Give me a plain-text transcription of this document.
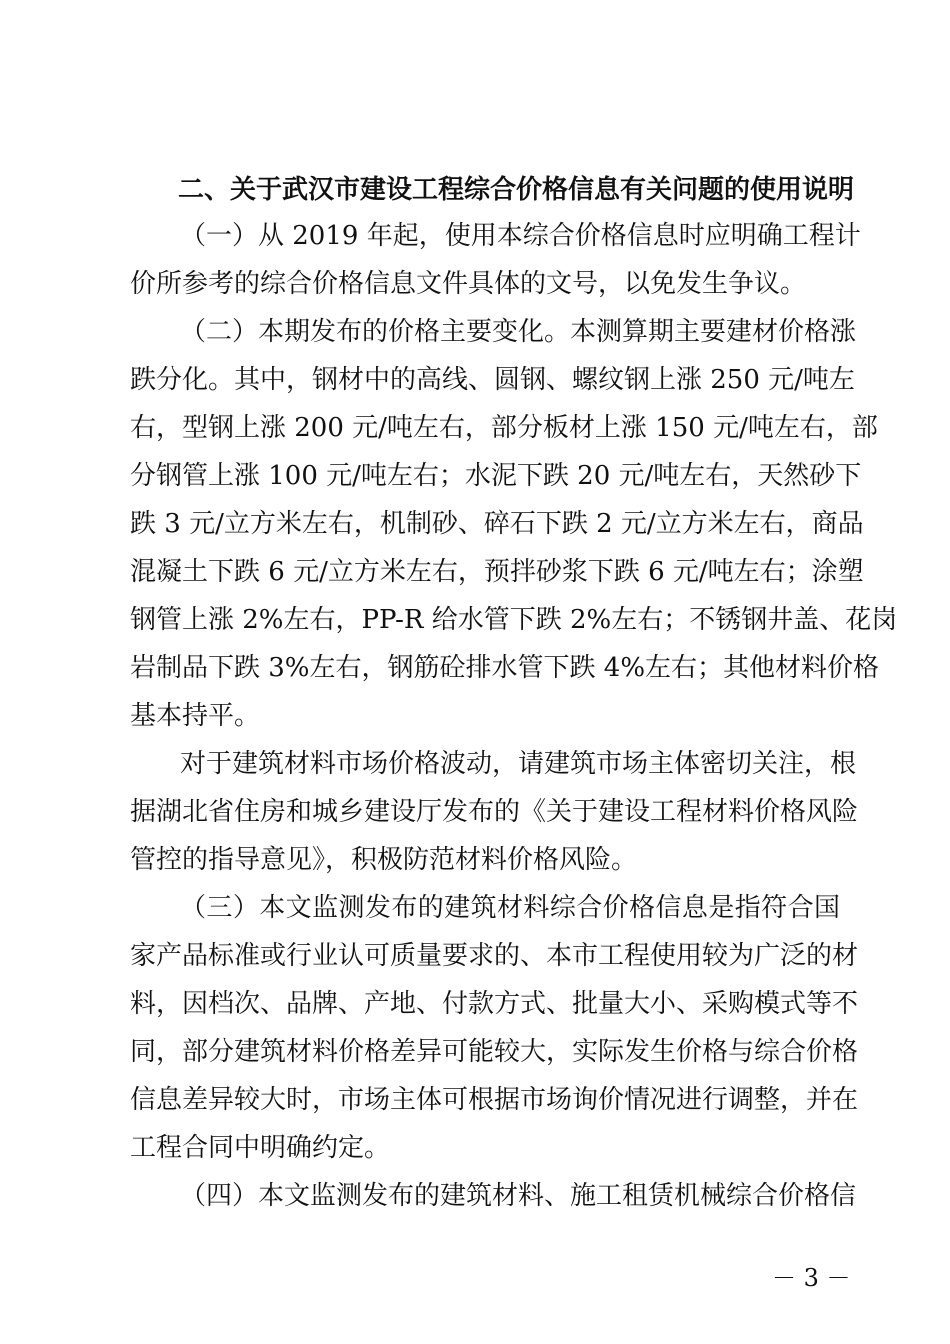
二、关于武汉市建设工程综合价格信息有关问题的使用说明
（一）从 2019 年起，使用本综合价格信息时应明确工程计
价所参考的综合价格信息文件具体的文号，以免发生争议。
（二）本期发布的价格主要变化。本测算期主要建材价格涨
跌分化。其中，钢材中的高线、圆钢、螺纹钢上涨 250 元/吨左
右，型钢上涨 200 元/吨左右，部分板材上涨 150 元/吨左右，部
分钢管上涨 100 元/吨左右；水泥下跌 20 元/吨左右，天然砂下
跌 3 元/立方米左右，机制砂、碎石下跌 2 元/立方米左右，商品
混凝土下跌 6 元/立方米左右，预拌砂浆下跌 6 元/吨左右；涂塑
钢管上涨 2%左右，PP-R 给水管下跌 2%左右；不锈钢井盖、花岗
岩制品下跌 3%左右，钢筋砼排水管下跌 4%左右；其他材料价格
基本持平。
对于建筑材料市场价格波动，请建筑市场主体密切关注，根
据湖北省住房和城乡建设厅发布的《关于建设工程材料价格风险
管控的指导意见》，积极防范材料价格风险。
（三）本文监测发布的建筑材料综合价格信息是指符合国
家产品标准或行业认可质量要求的、本市工程使用较为广泛的材
料，因档次、品牌、产地、付款方式、批量大小、采购模式等不
同，部分建筑材料价格差异可能较大，实际发生价格与综合价格
信息差异较大时，市场主体可根据市场询价情况进行调整，并在
工程合同中明确约定。
（四）本文监测发布的建筑材料、施工租赁机械综合价格信
－ 3 －
